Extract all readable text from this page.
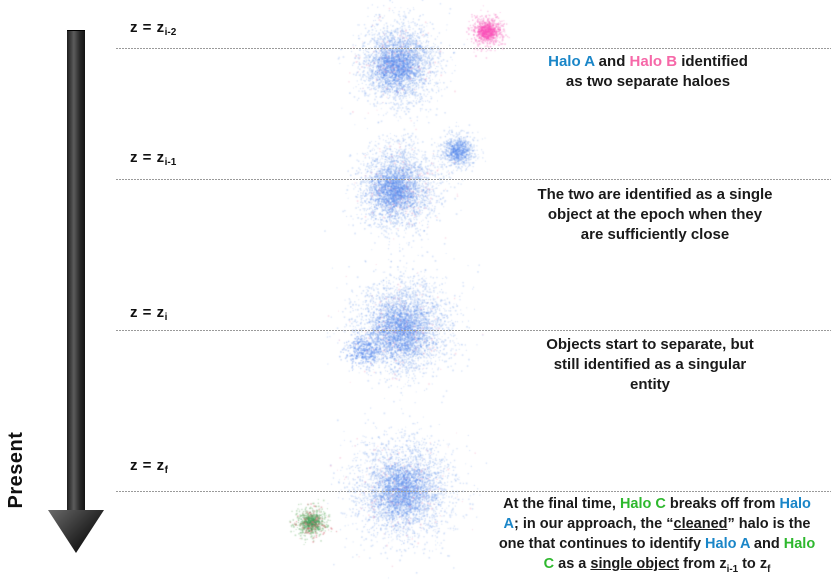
Present
$z = z_{i-2}$
Halo A and Halo B identified
as two separate haloes
$z = z_{i-1}$
The two are identified as a single
object at the epoch when they
are sufficiently close
$z = z_i$
Objects start to separate, but
still identified as a singular
entity
$z = z_f$
At the final time, Halo C breaks off from Halo
A; in our approach, the “cleaned” halo is the
one that continues to identify Halo A and Halo
C as a single object from $z_{i-1}$ to $z_f$
